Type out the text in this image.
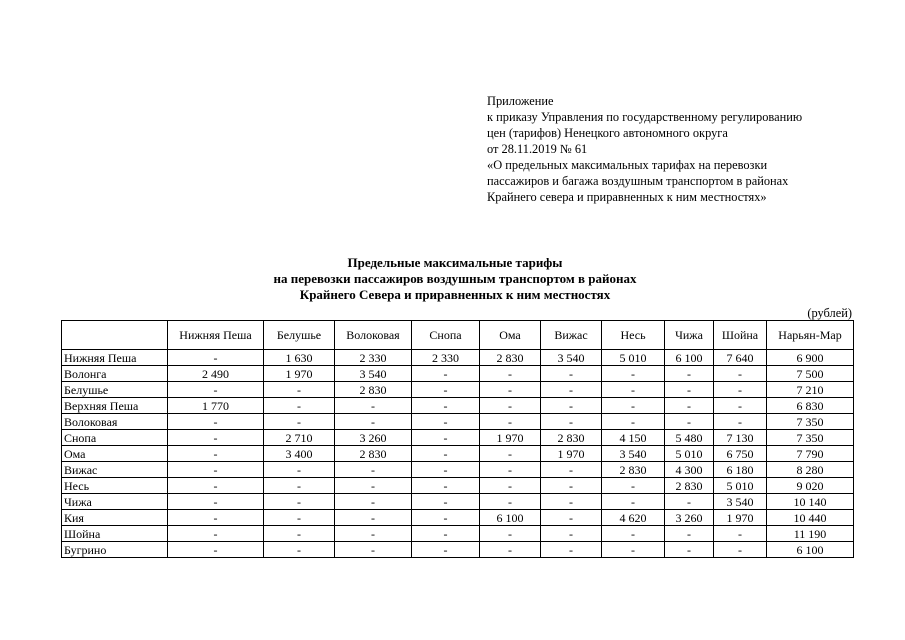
Приложение
к приказу Управления по государственному регулированию
цен (тарифов) Ненецкого автономного округа
от 28.11.2019 № 61
«О предельных максимальных тарифах на перевозки
пассажиров и багажа воздушным транспортом в районах
Крайнего севера и приравненных к ним местностях»
Предельные максимальные тарифы
на перевозки пассажиров воздушным транспортом в районах
Крайнего Севера и приравненных к ним местностях
(рублей)
	Нижняя Пеша	Белушье	Волоковая	Снопа	Ома	Вижас	Несь	Чижа	Шойна	Нарьян-Мар
Нижняя Пеша	-	1 630	2 330	2 330	2 830	3 540	5 010	6 100	7 640	6 900
Волонга	2 490	1 970	3 540	-	-	-	-	-	-	7 500
Белушье	-	-	2 830	-	-	-	-	-	-	7 210
Верхняя Пеша	1 770	-	-	-	-	-	-	-	-	6 830
Волоковая	-	-	-	-	-	-	-	-	-	7 350
Снопа	-	2 710	3 260	-	1 970	2 830	4 150	5 480	7 130	7 350
Ома	-	3 400	2 830	-	-	1 970	3 540	5 010	6 750	7 790
Вижас	-	-	-	-	-	-	2 830	4 300	6 180	8 280
Несь	-	-	-	-	-	-	-	2 830	5 010	9 020
Чижа	-	-	-	-	-	-	-	-	3 540	10 140
Кия	-	-	-	-	6 100	-	4 620	3 260	1 970	10 440
Шойна	-	-	-	-	-	-	-	-	-	11 190
Бугрино	-	-	-	-	-	-	-	-	-	6 100
